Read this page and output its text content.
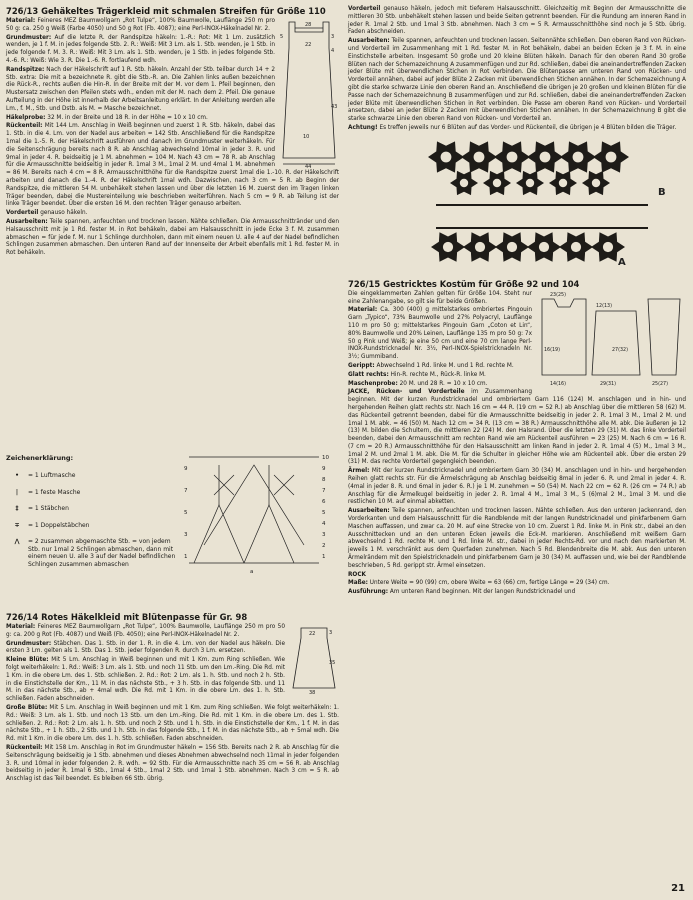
726/13 Gehäkeltes Trägerkleid mit schmalen Streifen für Größe 110
28
5	3
4
43
10
22
44

Material: Feineres MEZ Baumwollgarn „Rot Tulpe“, 100% Baumwolle, Lauflänge 250 m pro 50 g: ca. 250 g Weiß (Farbe 4050) und 50 g Rot (Fb. 4087); eine Perl-INOX-Häkelnadel Nr. 2.

Grundmuster: Auf die letzte R. der Randspitze häkeln: 1.-R.: Rot: Mit 1 Lm. zusätzlich wenden, je 1 f. M. in jedes folgende Stb. 2. R.: Weiß: Mit 3 Lm. als 1. Stb. wenden, je 1 Stb. in jede folgende f. M. 3. R.: Weiß: Mit 3 Lm. als 1. Stb. wenden, je 1 Stb. in jedes folgende Stb. 4.-6. R.: Weiß: Wie 3. R. Die 1.-6. R. fortlaufend wdh.

Randspitze: Nach der Häkelschrift auf 1 R. Stb. häkeln. Anzahl der Stb. teilbar durch 14 + 2 Stb. extra: Die mit a bezeichnete R. gibt die Stb.-R. an. Die Zahlen links außen bezeichnen die Rück-R., rechts außen die Hin-R. In der Breite mit der M. vor dem 1. Pfeil beginnen, den Mustersatz zwischen den Pfeilen stets wdh., enden mit der M. nach dem 2. Pfeil. Die genaue Aufteilung in der Höhe ist innerhalb der Arbeitsanleitung erklärt. In der Anleitung werden alle Lm., f. M., Stb. und Dstb. als M. = Masche bezeichnet.

Häkelprobe: 32 M. in der Breite und 18 R. in der Höhe = 10 x 10 cm.

Rückenteil: Mit 144 Lm. Anschlag in Weiß beginnen und zuerst 1 R. Stb. häkeln, dabei das 1. Stb. in die 4. Lm. von der Nadel aus arbeiten = 142 Stb. Anschließend für die Randspitze 1mal die 1.-5. R. der Häkelschrift ausführen und danach im Grundmuster weiterhäkeln. Für die Seitenschrägung bereits nach 8 R. ab Anschlag abwechselnd 10mal in jeder 3. R. und 9mal in jeder 4. R. beidseitig je 1 M. abnehmen = 104 M. Nach 43 cm = 78 R. ab Anschlag für die Armausschnitte beidseitig in jeder R. 1mal 3 M., 1mal 2 M. und 4mal 1 M. abnehmen = 86 M. Bereits nach 4 cm = 8 R. Armausschnitthöhe für die Randspitze zuerst 1mal die 1.-10. R. der Häkelschrift arbeiten und danach die 1.-4. R. der Häkelschrift 1mal wdh. Dazwischen, nach 3 cm = 5 R. ab Beginn der Randspitze, die mittleren 54 M. unbehäkelt stehen lassen und über die letzten 16 M. zuerst den im Tragen linken Träger beenden, dabei die Mustereinteilung wie beschrieben weiterführen. Nach 5 cm = 9 R. ab Teilung ist der linke Träger beendet. Über die ersten 16 M. den rechten Träger genauso arbeiten.

Vorderteil genauso häkeln.

Ausarbeiten: Teile spannen, anfeuchten und trocknen lassen. Nähte schließen. Die Armausschnittränder und den Halsausschnitt mit je 1 Rd. fester M. in Rot behäkeln, dabei am Halsausschnitt in jede Ecke 3 f. M. zusammen abmaschen = für jede f. M. nur 1 Schlinge durchholen, dann mit einem neuen U. alle 4 auf der Nadel befindlichen Schlingen zusammen abmaschen. Den unteren Rand auf der Innenseite der Arbeit ebenfalls mit 1 Rd. fester M. in Rot behäkeln.

Zeichenerklärung:
•	= 1 Luftmasche
|	= 1 feste Masche
‡	= 1 Stäbchen
∓	= 1 Doppelstäbchen
⋀	= 2 zusammen abgemaschte Stb. = von jedem Stb. nur 1mal 2 Schlingen abmaschen, dann mit einem neuen U. alle 3 auf der Nadel befindlichen Schlingen zusammen abmaschen
10
9
8
7
6
5
4
3
2
1
9
7
5
3
1
a
726/14 Rotes Häkelkleid mit Blütenpasse für Gr. 98
22	3
35
38

Material: Feineres MEZ Baumwollgarn „Rot Tulpe“, 100% Baumwolle, Lauflänge 250 m pro 50 g: ca. 200 g Rot (Fb. 4087) und Weiß (Fb. 4050); eine Perl-INOX-Häkelnadel Nr. 2.

Grundmuster: Stäbchen. Das 1. Stb. in der 1. R. in die 4. Lm. von der Nadel aus häkeln. Die ersten 3 Lm. gelten als 1. Stb. Das 1. Stb. jeder folgenden R. durch 3 Lm. ersetzen.

Kleine Blüte: Mit 5 Lm. Anschlag in Weiß beginnen und mit 1 Km. zum Ring schließen. Wie folgt weiterhäkeln: 1. Rd.: Weiß: 3 Lm. als 1. Stb. und noch 11 Stb. um den Lm.-Ring. Die Rd. mit 1 Km. in die obere Lm. des 1. Stb. schließen. 2. Rd.: Rot: 2 Lm. als 1. h. Stb. und noch 2 h. Stb. in die Einstichstelle der Km., 11 M. in das nächste Stb., + 3 h. Stb. in das folgende Stb. und 11 M. in das nächste Stb., ab + 4mal wdh. Die Rd. mit 1 Km. in die obere Lm. des 1. h. Stb. schließen. Faden abschneiden.

Große Blüte: Mit 5 Lm. Anschlag in Weiß beginnen und mit 1 Km. zum Ring schließen. Wie folgt weiterhäkeln: 1. Rd.: Weiß: 3 Lm. als 1. Stb. und noch 13 Stb. um den Lm.-Ring. Die Rd. mit 1 Km. in die obere Lm. des 1. Stb. schließen. 2. Rd.: Rot: 2 Lm. als 1. h. Stb. und noch 2 Stb. und 1 h. Stb. in die Einstichstelle der Km., 1 f. M. in das nächste Stb., + 1 h. Stb., 2 Stb. und 1 h. Stb. in das folgende Stb., 1 f. M. in das nächste Stb., ab + 5mal wdh. Die Rd. mit 1 Km. in die obere Lm. des 1. h. Stb. schließen. Faden abschneiden.

Rückenteil: Mit 158 Lm. Anschlag in Rot im Grundmuster häkeln = 156 Stb. Bereits nach 2 R. ab Anschlag für die Seitenschrägung beidseitig je 1 Stb. abnehmen und dieses Abnehmen abwechselnd noch 11mal in jeder folgenden 3. R. und 10mal in jeder folgenden 2. R. wdh. = 92 Stb. Für die Armausschnitte nach 35 cm = 56 R. ab Anschlag beidseitig in jeder R. 1mal 6 Stb., 1mal 4 Stb., 1mal 2 Stb. und 1mal 1 Stb. abnehmen. Nach 3 cm = 5 R. ab Anschlag ist das Teil beendet. Es bleiben 66 Stb. übrig.

Vorderteil genauso häkeln, jedoch mit tieferem Halsausschnitt. Gleichzeitig mit Beginn der Armausschnitte die mittleren 30 Stb. unbehäkelt stehen lassen und beide Seiten getrennt beenden. Für die Rundung am inneren Rand in jeder R. 1mal 2 Stb. und 1mal 3 Stb. abnehmen. Nach 3 cm = 5 R. Armausschnitthöhe sind noch je 5 Stb. übrig. Faden abschneiden.

Ausarbeiten: Teile spannen, anfeuchten und trocknen lassen. Seitennähte schließen. Den oberen Rand von Rücken- und Vorderteil im Zusammenhang mit 1 Rd. fester M. in Rot behäkeln, dabei an beiden Ecken je 3 f. M. in eine Einstichstelle arbeiten. Insgesamt 50 große und 20 kleine Blüten häkeln. Danach für den oberen Rand 30 große Blüten nach der Schemazeichnung A zusammenfügen und zur Rd. schließen, dabei die aneinandertreffenden Zacken jeder Blüte mit überwendlichen Stichen in Rot verbinden. Die Blütenpasse am unteren Rand von Rücken- und Vorderteil annähen, dabei auf jeder Blüte 2 Zacken mit überwendlichen Stichen annähen. In der Schemazeichnung A gibt die starke schwarze Linie den oberen Rand an. Anschließend die übrigen je 20 großen und kleinen Blüten für die Passe nach der Schemazeichnung B zusammenfügen und zur Rd. schließen, dabei die aneinandertreffenden Zacken jeder Blüte mit überwendlichen Stichen in Rot verbinden. Die Passe am oberen Rand von Rücken- und Vorderteil ansetzen, dabei an jeder Blüte 2 Zacken mit überwendlichen Stichen annähen. In der Schemazeichnung B gibt die starke schwarze Linie den oberen Rand von Rücken- und Vorderteil an.

Achtung! Es treffen jeweils nur 6 Blüten auf das Vorder- und Rückenteil, die übrigen je 4 Blüten bilden die Träger.

B
A
726/15 Gestricktes Kostüm für Größe 92 und 104
23(25)
16(19)
14(16)
12(13)
27(32)
29(31)	25(27)

Die eingeklammerten Zahlen gelten für Größe 104. Steht nur eine Zahlenangabe, so gilt sie für beide Größen.

Material: Ca. 300 (400) g mittelstarkes ombriertes Pingouin Garn „Typico“, 73% Baumwolle und 27% Polyacryl, Lauflänge 110 m pro 50 g; mittelstarkes Pingouin Garn „Coton et Lin“, 80% Baumwolle und 20% Leinen, Lauflänge 135 m pro 50 g: 7x 50 g Pink und Weiß; je eine 50 cm und eine 70 cm lange Perl-INOX-Rundstricknadel Nr. 3½, Perl-INOX-Spielstricknadeln Nr. 3½; Gummiband.

Gerippt: Abwechselnd 1 Rd. linke M. und 1 Rd. rechte M.

Glatt rechts: Hin-R. rechte M., Rück-R. linke M.

Maschenprobe: 20 M. und 28 R. = 10 x 10 cm.

JACKE, Rücken- und Vorderteile im Zusammenhang beginnen. Mit der kurzen Rundstricknadel und ombriertem Garn 116 (124) M. anschlagen und in hin- und hergehenden Reihen glatt rechts str. Nach 16 cm = 44 R. (19 cm = 52 R.) ab Anschlag über die mittleren 58 (62) M. das Rückenteil getrennt beenden, dabei für die Armausschnitte beidseitig in jeder 2. R. 1mal 3 M., 1mal 2 M. und 1mal 1 M. abk. = 46 (50) M. Nach 12 cm = 34 R. (13 cm = 38 R.) Armausschnitthöhe alle M. abk. Die äußeren je 12 (13) M. bilden die Schultern, die mittleren 22 (24) M. den Halsrand. Über die letzten 29 (31) M. das linke Vorderteil beenden, dabei den Armausschnitt am rechten Rand wie am Rückenteil ausführen = 23 (25) M. Nach 6 cm = 16 R. (7 cm = 20 R.) Armausschnitthöhe für den Halsausschnitt am linken Rand in jeder 2. R. 1mal 4 (5) M., 1mal 3 M., 1mal 2 M. und 2mal 1 M. abk. Die M. für die Schulter in gleicher Höhe wie am Rückenteil abk. Über die ersten 29 (31) M. das rechte Vorderteil gegengleich beenden.

Ärmel: Mit der kurzen Rundstricknadel und ombriertem Garn 30 (34) M. anschlagen und in hin- und hergehenden Reihen glatt rechts str. Für die Ärmelschrägung ab Anschlag beidseitig 8mal in jeder 6. R. und 2mal in jeder 4. R. (4mal in jeder 8. R. und 6mal in jeder 6. R.) je 1 M. zunehmen = 50 (54) M. Nach 22 cm = 62 R. (26 cm = 74 R.) ab Anschlag für die Ärmelkugel beidseitig in jeder 2. R. 1mal 4 M., 1mal 3 M., 5 (6)mal 2 M., 1mal 3 M. und die restlichen 10 M. auf einmal abketten.

Ausarbeiten: Teile spannen, anfeuchten und trocknen lassen. Nähte schließen. Aus den unteren Jackenrand, den Vorderkanten und dem Halsausschnitt für die Randblende mit der langen Rundstricknadel und pinkfarbenem Garn Maschen auffassen, und zwar ca. 20 M. auf eine Strecke von 10 cm. Zuerst 1 Rd. linke M. in Pink str., dabei an den Ausschnittecken und an den unteren Ecken jeweils die Eck-M. markieren. Anschließend mit weißem Garn abwechselnd 1 Rd. rechte M. und 1 Rd. linke M. str., dabei in jeder Rechts-Rd. vor und nach den markierten M. jeweils 1 M. verschränkt aus dem Querfaden zunehmen. Nach 5 Rd. Blendenbreite die M. abk. Aus den unteren Ärmelrändern mit den Spielstricknadeln und pinkfarbenem Garn je 30 (34) M. auffassen und, wie bei der Randblende beschrieben, 5 Rd. gerippt str. Ärmel einsetzen.

ROCK

Maße: Untere Weite = 90 (99) cm, obere Weite = 63 (66) cm, fertige Länge = 29 (34) cm.

Ausführung: Am unteren Rand beginnen. Mit der langen Rundstricknadel und

21
